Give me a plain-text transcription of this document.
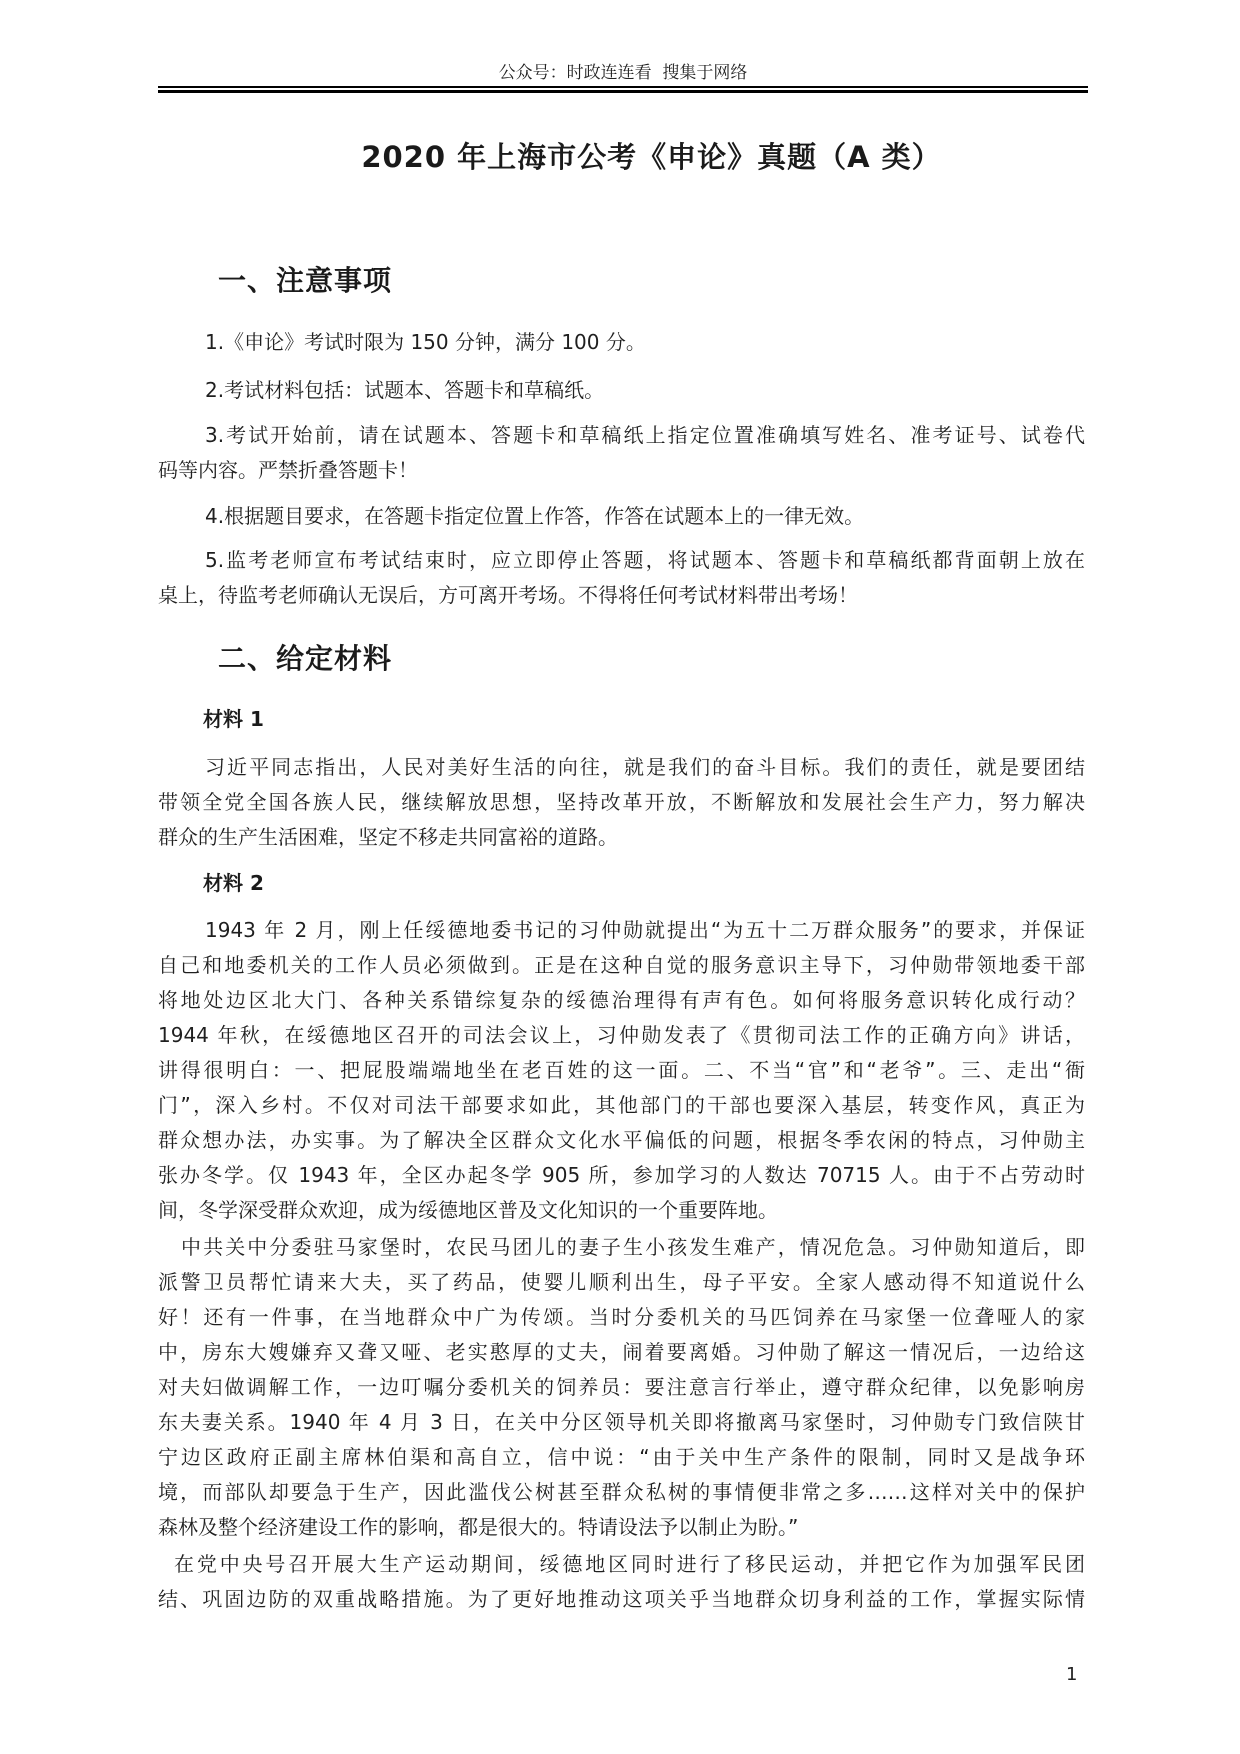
公众号：时政连连看  搜集于网络
2020 年上海市公考《申论》真题（A 类）
一、注意事项
1.《申论》考试时限为 150 分钟，满分 100 分。
2.考试材料包括：试题本、答题卡和草稿纸。
3.考试开始前，请在试题本、答题卡和草稿纸上指定位置准确填写姓名、准考证号、试卷代
码等内容。严禁折叠答题卡！
4.根据题目要求，在答题卡指定位置上作答，作答在试题本上的一律无效。
5.监考老师宣布考试结束时，应立即停止答题，将试题本、答题卡和草稿纸都背面朝上放在
桌上，待监考老师确认无误后，方可离开考场。不得将任何考试材料带出考场！
二、给定材料
材料 1
习近平同志指出，人民对美好生活的向往，就是我们的奋斗目标。我们的责任，就是要团结
带领全党全国各族人民，继续解放思想，坚持改革开放，不断解放和发展社会生产力，努力解决
群众的生产生活困难，坚定不移走共同富裕的道路。
材料 2
1943 年 2 月，刚上任绥德地委书记的习仲勋就提出“为五十二万群众服务”的要求，并保证
自己和地委机关的工作人员必须做到。正是在这种自觉的服务意识主导下，习仲勋带领地委干部
将地处边区北大门、各种关系错综复杂的绥德治理得有声有色。如何将服务意识转化成行动？
1944 年秋，在绥德地区召开的司法会议上，习仲勋发表了《贯彻司法工作的正确方向》讲话，
讲得很明白：一、把屁股端端地坐在老百姓的这一面。二、不当“官”和“老爷”。三、走出“衙
门”，深入乡村。不仅对司法干部要求如此，其他部门的干部也要深入基层，转变作风，真正为
群众想办法，办实事。为了解决全区群众文化水平偏低的问题，根据冬季农闲的特点，习仲勋主
张办冬学。仅 1943 年，全区办起冬学 905 所，参加学习的人数达 70715 人。由于不占劳动时
间，冬学深受群众欢迎，成为绥德地区普及文化知识的一个重要阵地。
中共关中分委驻马家堡时，农民马团儿的妻子生小孩发生难产，情况危急。习仲勋知道后，即
派警卫员帮忙请来大夫，买了药品，使婴儿顺利出生，母子平安。全家人感动得不知道说什么
好！还有一件事，在当地群众中广为传颂。当时分委机关的马匹饲养在马家堡一位聋哑人的家
中，房东大嫂嫌弃又聋又哑、老实憨厚的丈夫，闹着要离婚。习仲勋了解这一情况后，一边给这
对夫妇做调解工作，一边叮嘱分委机关的饲养员：要注意言行举止，遵守群众纪律，以免影响房
东夫妻关系。1940 年 4 月 3 日，在关中分区领导机关即将撤离马家堡时，习仲勋专门致信陕甘
宁边区政府正副主席林伯渠和高自立，信中说：“由于关中生产条件的限制，同时又是战争环
境，而部队却要急于生产，因此滥伐公树甚至群众私树的事情便非常之多……这样对关中的保护
森林及整个经济建设工作的影响，都是很大的。特请设法予以制止为盼。”
在党中央号召开展大生产运动期间，绥德地区同时进行了移民运动，并把它作为加强军民团
结、巩固边防的双重战略措施。为了更好地推动这项关乎当地群众切身利益的工作，掌握实际情
1
